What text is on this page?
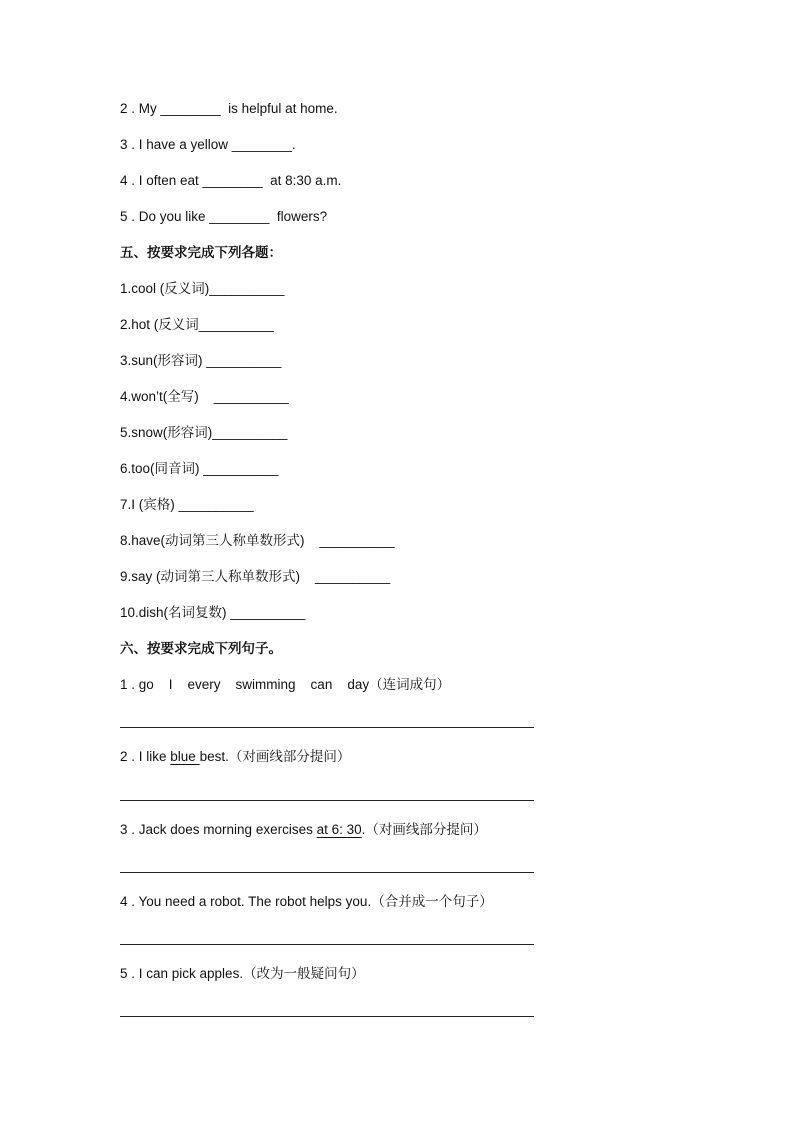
2 . My ________  is helpful at home.
3 . I have a yellow ________.
4 . I often eat ________  at 8:30 a.m.
5 . Do you like ________  flowers?
五、按要求完成下列各题：
1.cool (反义词)__________
2.hot (反义词__________
3.sun(形容词) __________
4.won’t(全写)    __________
5.snow(形容词)__________
6.too(同音词) __________
7.I (宾格) __________
8.have(动词第三人称单数形式)    __________
9.say (动词第三人称单数形式)    __________
10.dish(名词复数) __________
六、按要求完成下列句子。
1 . go    I    every    swimming    can    day（连词成句）
2 . I like blue best.（对画线部分提问）
3 . Jack does morning exercises at 6: 30.（对画线部分提问）
4 . You need a robot. The robot helps you.（合并成一个句子）
5 . I can pick apples.（改为一般疑问句）
